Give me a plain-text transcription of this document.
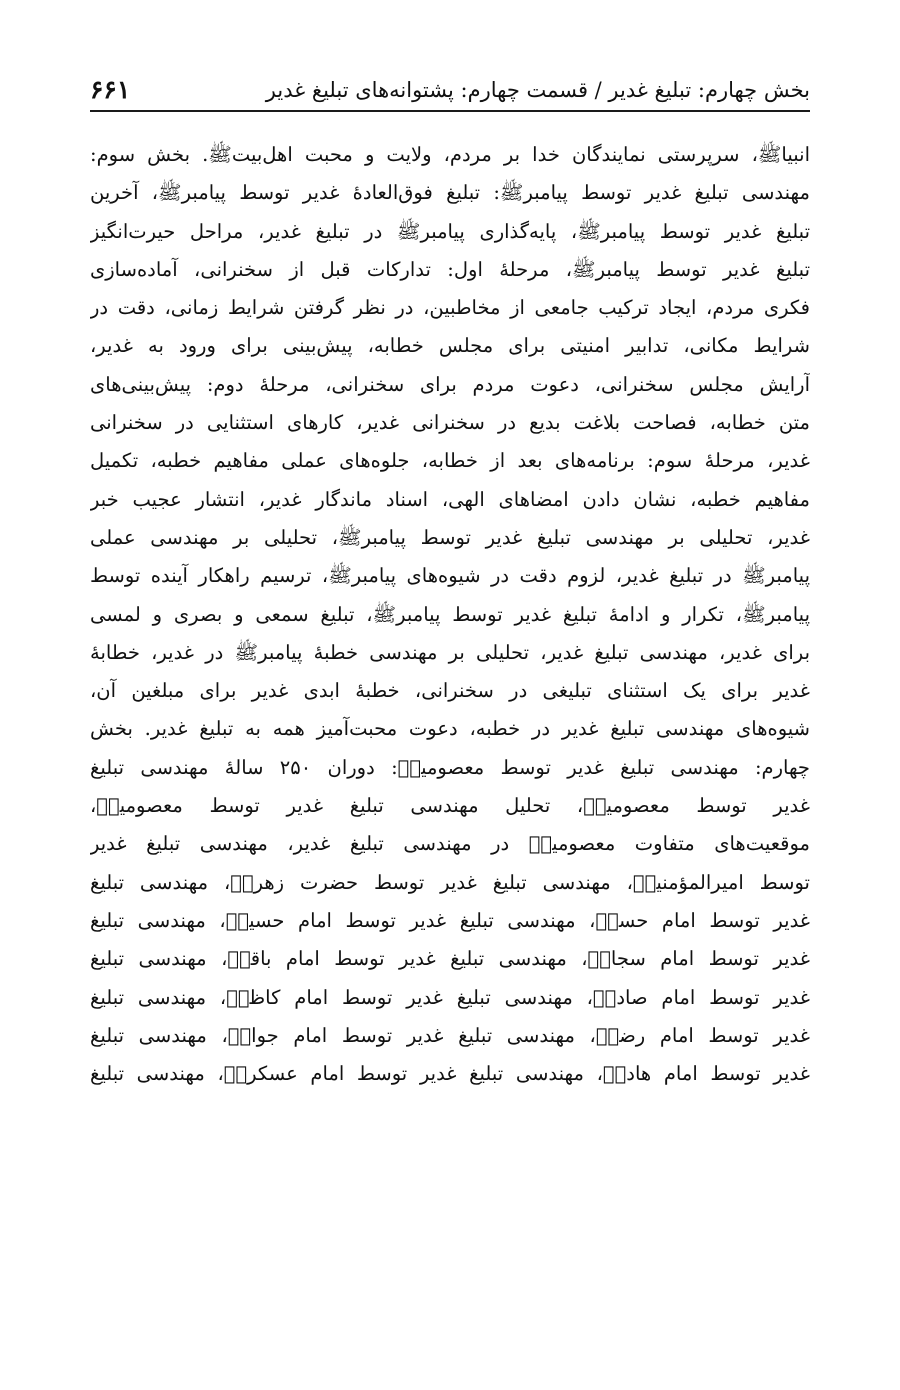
بخش چهارم: تبلیغ غدیر / قسمت چهارم: پشتوانه‌های تبلیغ غدیر
۶۶۱
انبیاﷺ، سرپرستی نمایندگان خدا بر مردم، ولایت و محبت اهل‌بیتﷺ. بخش سوم:
مهندسی تبلیغ غدیر توسط پیامبرﷺ: تبلیغ فوق‌العادۀ غدیر توسط پیامبرﷺ، آخرین
تبلیغ غدیر توسط پیامبرﷺ، پایه‌گذاری پیامبرﷺ در تبلیغ غدیر، مراحل حیرت‌انگیز
تبلیغ غدیر توسط پیامبرﷺ، مرحلۀ اول: تدارکات قبل از سخنرانی، آماده‌سازی
فکری مردم، ایجاد ترکیب جامعی از مخاطبین، در نظر گرفتن شرایط زمانی، دقت در
شرایط مکانی، تدابیر امنیتی برای مجلس خطابه، پیش‌بینی برای ورود به غدیر،
آرایش مجلس سخنرانی، دعوت مردم برای سخنرانی، مرحلۀ دوم: پیش‌بینی‌های
متن خطابه، فصاحت بلاغت بدیع در سخنرانی غدیر، کارهای استثنایی در سخنرانی
غدیر، مرحلۀ سوم: برنامه‌های بعد از خطابه، جلوه‌های عملی مفاهیم خطبه، تکمیل
مفاهیم خطبه، نشان دادن امضاهای الهی، اسناد ماندگار غدیر، انتشار عجیب خبر
غدیر، تحلیلی بر مهندسی تبلیغ غدیر توسط پیامبرﷺ، تحلیلی بر مهندسی عملی
پیامبرﷺ در تبلیغ غدیر، لزوم دقت در شیوه‌های پیامبرﷺ، ترسیم راهکار آینده توسط
پیامبرﷺ، تکرار و ادامۀ تبلیغ غدیر توسط پیامبرﷺ، تبلیغ سمعی و بصری و لمسی
برای غدیر، مهندسی تبلیغ غدیر، تحلیلی بر مهندسی خطبۀ پیامبرﷺ در غدیر، خطابۀ
غدیر برای یک استثنای تبلیغی در سخنرانی، خطبۀ ابدی غدیر برای مبلغین آن،
شیوه‌های مهندسی تبلیغ غدیر در خطبه، دعوت محبت‌آمیز همه به تبلیغ غدیر. بخش
چهارم: مهندسی تبلیغ غدیر توسط معصومینؑ: دوران ۲۵۰ سالۀ مهندسی تبلیغ
غدیر توسط معصومینؑ، تحلیل مهندسی تبلیغ غدیر توسط معصومینؑ،
موقعیت‌های متفاوت معصومینؑ در مهندسی تبلیغ غدیر، مهندسی تبلیغ غدیر
توسط امیرالمؤمنینؑ، مهندسی تبلیغ غدیر توسط حضرت زهراؑ، مهندسی تبلیغ
غدیر توسط امام حسنؑ، مهندسی تبلیغ غدیر توسط امام حسینؑ، مهندسی تبلیغ
غدیر توسط امام سجادؑ، مهندسی تبلیغ غدیر توسط امام باقرؑ، مهندسی تبلیغ
غدیر توسط امام صادقؑ، مهندسی تبلیغ غدیر توسط امام کاظمؑ، مهندسی تبلیغ
غدیر توسط امام رضاؑ، مهندسی تبلیغ غدیر توسط امام جوادؑ، مهندسی تبلیغ
غدیر توسط امام هادیؑ، مهندسی تبلیغ غدیر توسط امام عسکریؑ، مهندسی تبلیغ
